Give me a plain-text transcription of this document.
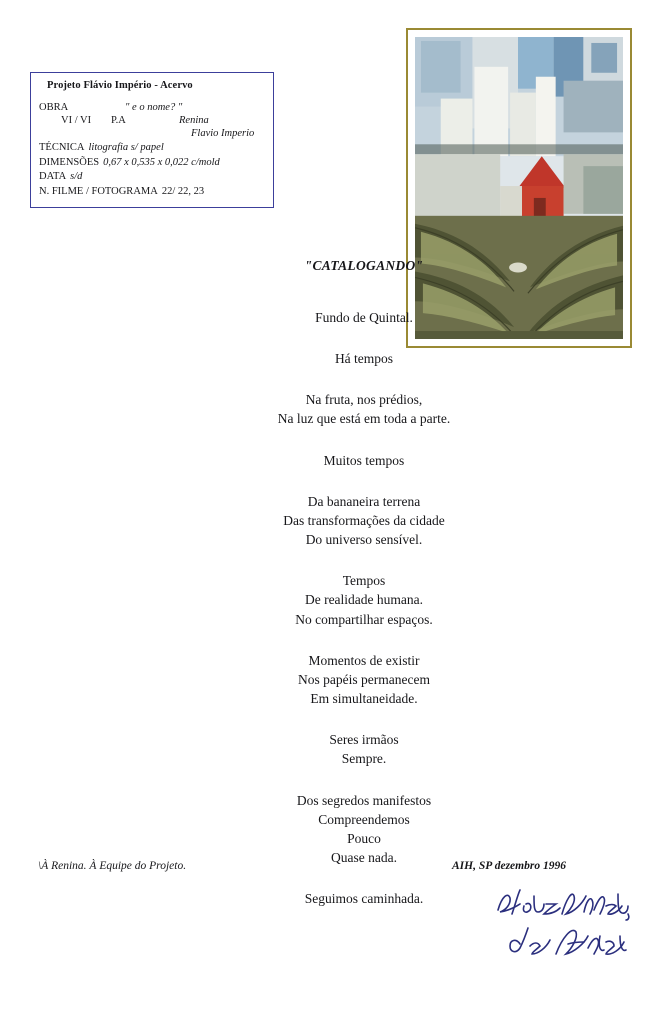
Projeto Flávio Império - Acervo
OBRA	" e o nome? "
VI / VI P.A	Renina
Flavio Imperio
TÉCNICA litografia s/ papel
DIMENSÕES 0,67 x 0,535 x 0,022 c/mold
DATA s/d
N. FILME / FOTOGRAMA 22/ 22, 23
"CATALOGANDO"
Fundo de Quintal.
Há tempos
Na fruta, nos prédios,
Na luz que está em toda a parte.
Muitos tempos
Da bananeira terrena
Das transformações da cidade
Do universo sensível.
Tempos
De realidade humana.
No compartilhar espaços.
Momentos de existir
Nos papéis permanecem
Em simultaneidade.
Seres irmãos
Sempre.
Dos segredos manifestos
Compreendemos
Pouco
Quase nada.
Seguimos caminhada.
\À Renina. À Equipe do Projeto.	AIH, SP dezembro 1996
